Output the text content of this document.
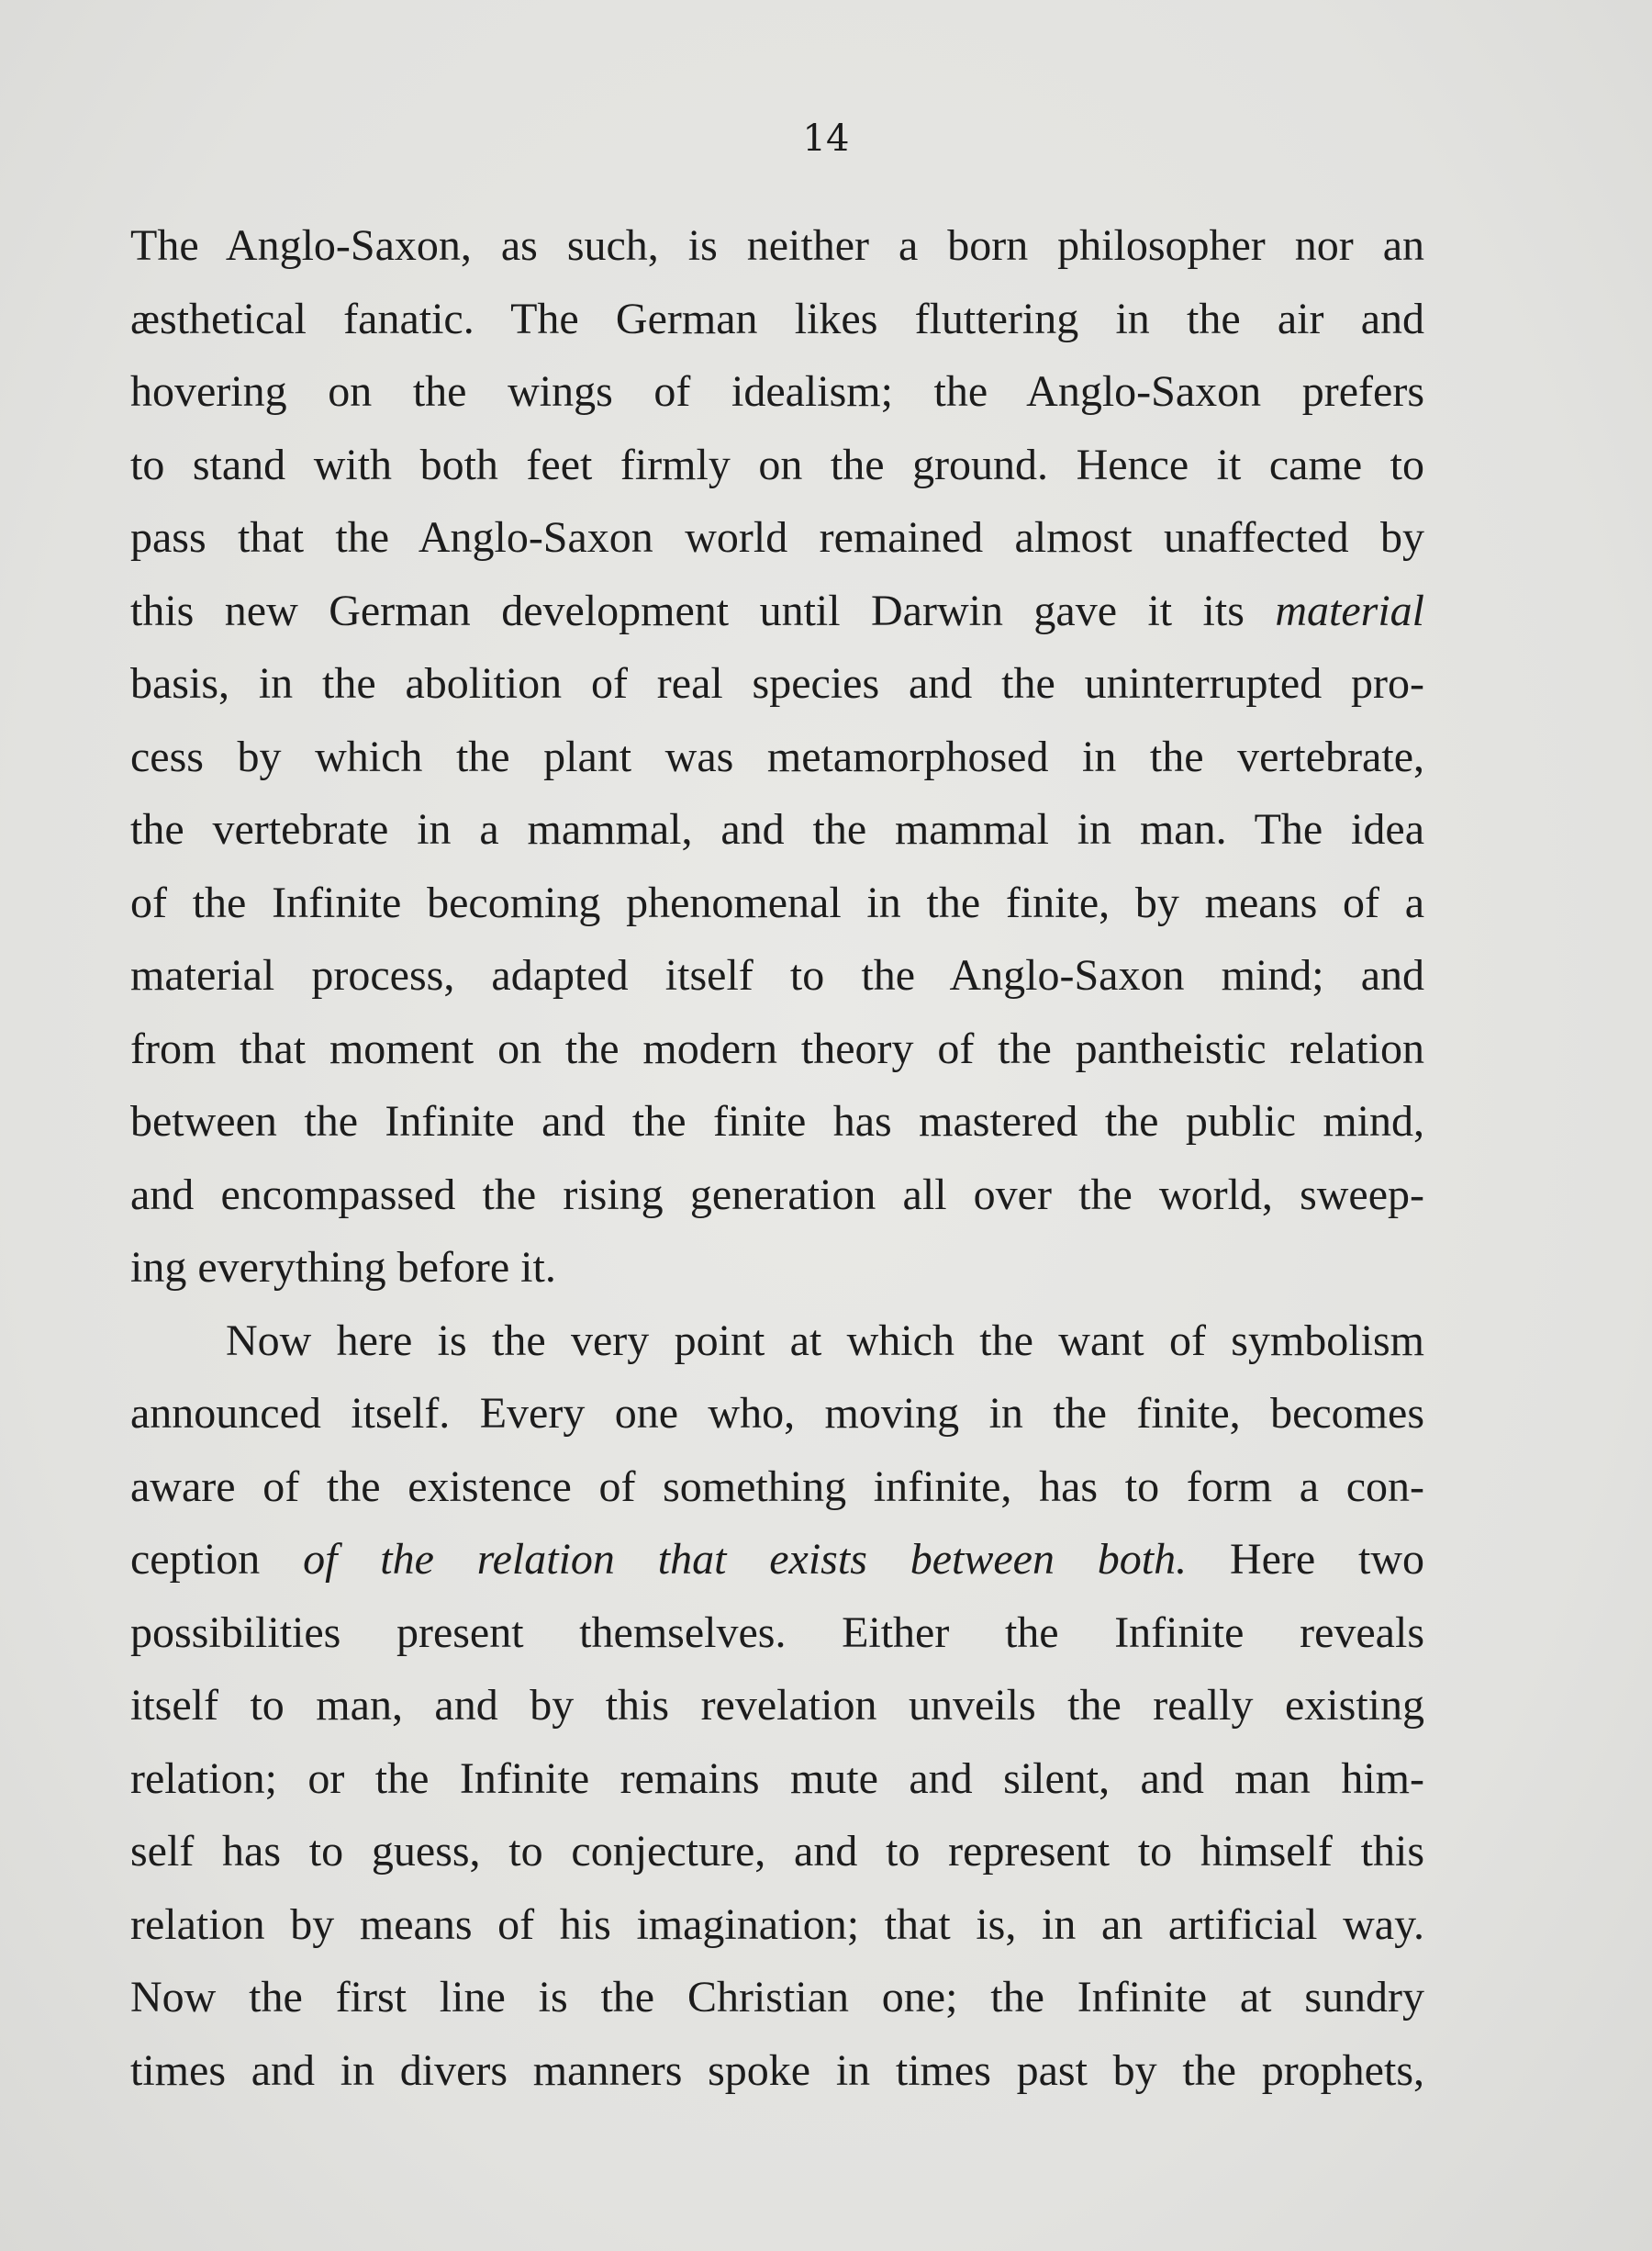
14
The Anglo-Saxon, as such, is neither a born philosopher nor an
æsthetical fanatic. The German likes fluttering in the air and
hovering on the wings of idealism; the Anglo-Saxon prefers
to stand with both feet firmly on the ground. Hence it came to
pass that the Anglo-Saxon world remained almost unaffected by
this new German development until Darwin gave it its material
basis, in the abolition of real species and the uninterrupted pro-
cess by which the plant was metamorphosed in the vertebrate,
the vertebrate in a mammal, and the mammal in man. The idea
of the Infinite becoming phenomenal in the finite, by means of a
material process, adapted itself to the Anglo-Saxon mind; and
from that moment on the modern theory of the pantheistic relation
between the Infinite and the finite has mastered the public mind,
and encompassed the rising generation all over the world, sweep-
ing everything before it.
Now here is the very point at which the want of symbolism
announced itself. Every one who, moving in the finite, becomes
aware of the existence of something infinite, has to form a con-
ception of the relation that exists between both. Here two
possibilities present themselves. Either the Infinite reveals
itself to man, and by this revelation unveils the really existing
relation; or the Infinite remains mute and silent, and man him-
self has to guess, to conjecture, and to represent to himself this
relation by means of his imagination; that is, in an artificial way.
Now the first line is the Christian one; the Infinite at sundry
times and in divers manners spoke in times past by the prophets,
